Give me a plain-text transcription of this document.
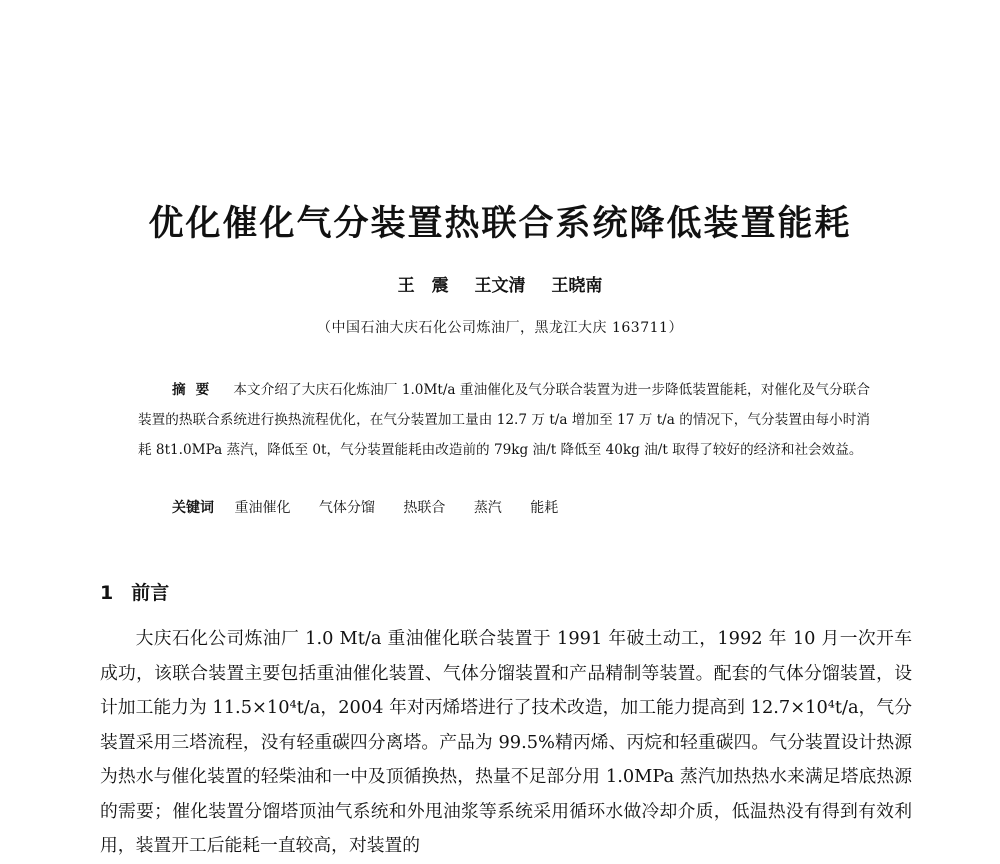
优化催化气分装置热联合系统降低装置能耗
王　震 王文清 王晓南
（中国石油大庆石化公司炼油厂，黑龙江大庆 163711）
摘要 本文介绍了大庆石化炼油厂 1.0Mt/a 重油催化及气分联合装置为进一步降低装置能耗，对催化及气分联合装置的热联合系统进行换热流程优化，在气分装置加工量由 12.7 万 t/a 增加至 17 万 t/a 的情况下，气分装置由每小时消耗 8t1.0MPa 蒸汽，降低至 0t，气分装置能耗由改造前的 79kg 油/t 降低至 40kg 油/t 取得了较好的经济和社会效益。
关键词 重油催化 气体分馏 热联合 蒸汽 能耗
1 前言

大庆石化公司炼油厂 1.0 Mt/a 重油催化联合装置于 1991 年破土动工，1992 年 10 月一次开车成功，该联合装置主要包括重油催化装置、气体分馏装置和产品精制等装置。配套的气体分馏装置，设计加工能力为 11.5×10⁴t/a，2004 年对丙烯塔进行了技术改造，加工能力提高到 12.7×10⁴t/a，气分装置采用三塔流程，没有轻重碳四分离塔。产品为 99.5%精丙烯、丙烷和轻重碳四。气分装置设计热源为热水与催化装置的轻柴油和一中及顶循换热，热量不足部分用 1.0MPa 蒸汽加热热水来满足塔底热源的需要；催化装置分馏塔顶油气系统和外甩油浆等系统采用循环水做冷却介质，低温热没有得到有效利用，装置开工后能耗一直较高，对装置的
